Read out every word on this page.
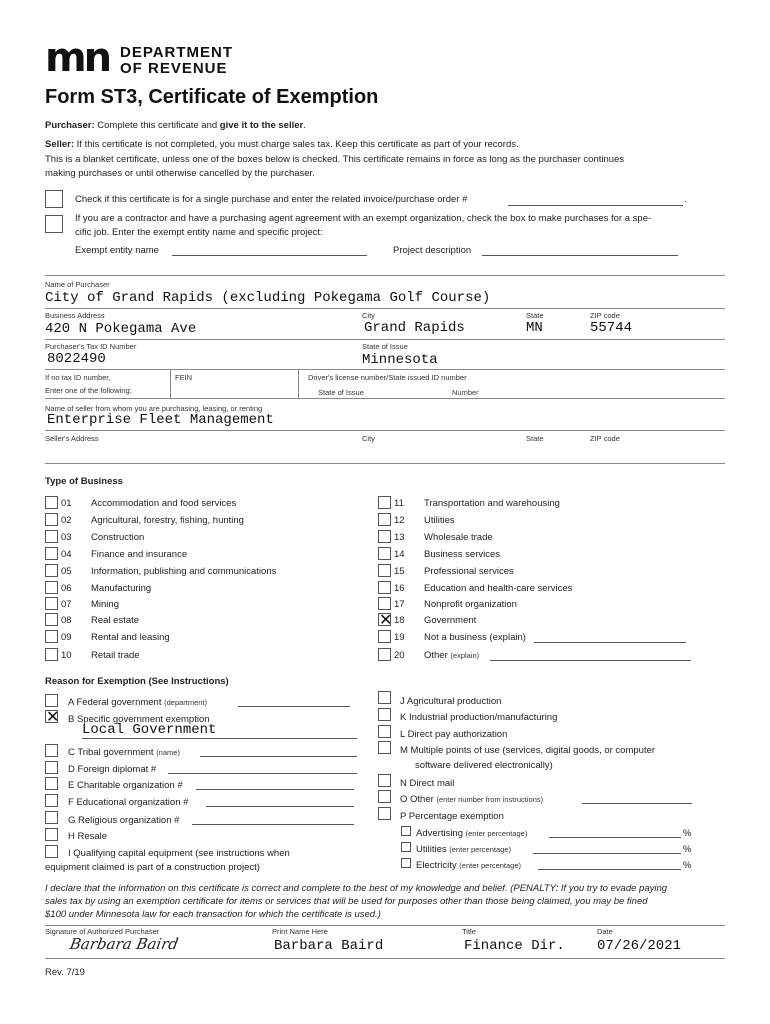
mn DEPARTMENT
OF REVENUE
Form ST3, Certificate of Exemption
Purchaser: Complete this certificate and give it to the seller.
Seller: If this certificate is not completed, you must charge sales tax. Keep this certificate as part of your records.
This is a blanket certificate, unless one of the boxes below is checked. This certificate remains in force as long as the purchaser continues
making purchases or until otherwise cancelled by the purchaser.
Check if this certificate is for a single purchase and enter the related invoice/purchase order #	.
If you are a contractor and have a purchasing agent agreement with an exempt organization, check the box to make purchases for a spe-
cific job. Enter the exempt entity name and specific project:
Exempt entity name	Project description
Name of Purchaser
City of Grand Rapids (excluding Pokegama Golf Course)
Business Address
420 N Pokegama Ave
City
Grand Rapids
State
MN
ZIP code
55744
Purchaser's Tax ID Number
8022490
State of Issue
Minnesota
If no tax ID number,
Enter one of the following:
FEIN	Driver's license number/State issued ID number
State of Issue	Number
Name of seller from whom you are purchasing, leasing, or renting
Enterprise Fleet Management
Seller's Address	City	State	ZIP code
Type of Business
01 Accommodation and food services
02 Agricultural, forestry, fishing, hunting
03 Construction
04 Finance and insurance
05 Information, publishing and communications
06 Manufacturing
07 Mining
08 Real estate
09 Rental and leasing
10 Retail trade
11 Transportation and warehousing
12 Utilities
13 Wholesale trade
14 Business services
15 Professional services
16 Education and health-care services
17 Nonprofit organization
✕ 18 Government
19 Not a business (explain)
20 Other (explain)
Reason for Exemption (See Instructions)
A Federal government (department)
✕ B Specific government exemption
Local Government
C Tribal government (name)
D Foreign diplomat #
E Charitable organization #
F Educational organization #
G Religious organization #
H Resale
I Qualifying capital equipment (see instructions when
equipment claimed is part of a construction project)
J Agricultural production
K Industrial production/manufacturing
L Direct pay authorization
M Multiple points of use (services, digital goods, or computer
software delivered electronically)
N Direct mail
O Other (enter number from instructions)
P Percentage exemption
Advertising (enter percentage)	%
Utilities (enter percentage)	%
Electricity (enter percentage)	%
I declare that the information on this certificate is correct and complete to the best of my knowledge and belief. (PENALTY: If you try to evade paying
sales tax by using an exemption certificate for items or services that will be used for purposes other than those being claimed, you may be fined
$100 under Minnesota law for each transaction for which the certificate is used.)
Signature of Authorized Purchaser
Barbara Baird
Print Name Here
Barbara Baird
Title
Finance Dir.
Date
07/26/2021
Rev. 7/19
